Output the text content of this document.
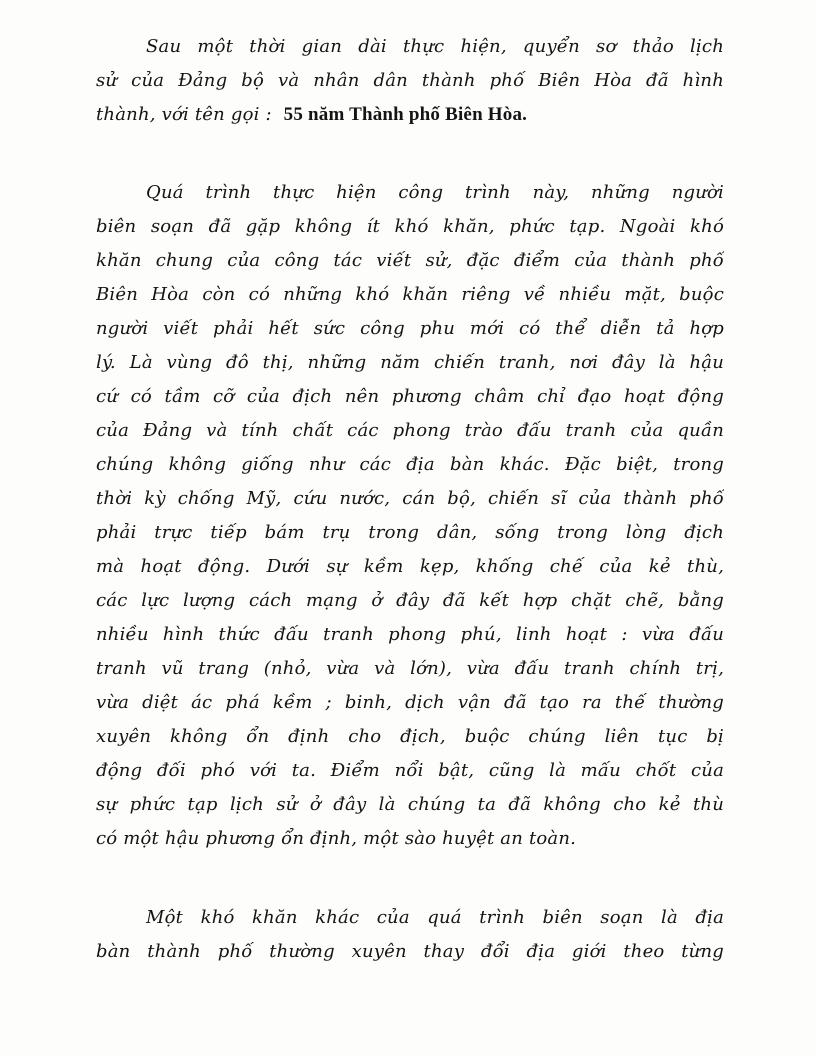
Sau một thời gian dài thực hiện, quyển sơ thảo lịch
sử của Đảng bộ và nhân dân thành phố Biên Hòa đã hình
thành, với tên gọi : 55 năm Thành phố Biên Hòa.
Quá trình thực hiện công trình này, những người
biên soạn đã gặp không ít khó khăn, phức tạp. Ngoài khó
khăn chung của công tác viết sử, đặc điểm của thành phố
Biên Hòa còn có những khó khăn riêng về nhiều mặt, buộc
người viết phải hết sức công phu mới có thể diễn tả hợp
lý. Là vùng đô thị, những năm chiến tranh, nơi đây là hậu
cứ có tầm cỡ của địch nên phương châm chỉ đạo hoạt động
của Đảng và tính chất các phong trào đấu tranh của quần
chúng không giống như các địa bàn khác. Đặc biệt, trong
thời kỳ chống Mỹ, cứu nước, cán bộ, chiến sĩ của thành phố
phải trực tiếp bám trụ trong dân, sống trong lòng địch
mà hoạt động. Dưới sự kềm kẹp, khống chế của kẻ thù,
các lực lượng cách mạng ở đây đã kết hợp chặt chẽ, bằng
nhiều hình thức đấu tranh phong phú, linh hoạt : vừa đấu
tranh vũ trang (nhỏ, vừa và lớn), vừa đấu tranh chính trị,
vừa diệt ác phá kềm ; binh, dịch vận đã tạo ra thế thường
xuyên không ổn định cho địch, buộc chúng liên tục bị
động đối phó với ta. Điểm nổi bật, cũng là mấu chốt của
sự phức tạp lịch sử ở đây là chúng ta đã không cho kẻ thù
có một hậu phương ổn định, một sào huyệt an toàn.
Một khó khăn khác của quá trình biên soạn là địa
bàn thành phố thường xuyên thay đổi địa giới theo từng
